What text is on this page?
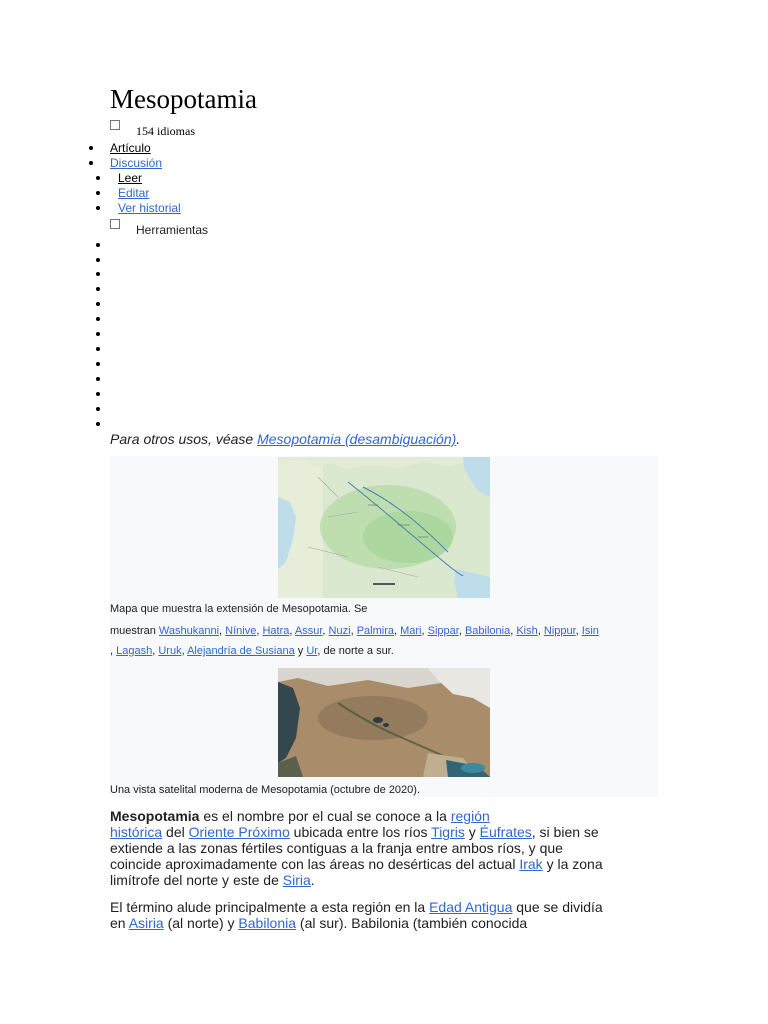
Mesopotamia
154 idiomas
Artículo
Discusión
Leer
Editar
Ver historial
Herramientas
Para otros usos, véase Mesopotamia (desambiguación).
Mapa que muestra la extensión de Mesopotamia. Se
muestran Washukanni, Nínive, Hatra, Assur, Nuzi, Palmira, Mari, Sippar, Babilonia, Kish, Nippur, Isin
, Lagash, Uruk, Alejandría de Susiana y Ur, de norte a sur.
Una vista satelital moderna de Mesopotamia (octubre de 2020).
Mesopotamia es el nombre por el cual se conoce a la región
histórica del Oriente Próximo ubicada entre los ríos Tigris y Éufrates, si bien se
extiende a las zonas fértiles contiguas a la franja entre ambos ríos, y que
coincide aproximadamente con las áreas no desérticas del actual Irak y la zona
limítrofe del norte y este de Siria.
El término alude principalmente a esta región en la Edad Antigua que se dividía
en Asiria (al norte) y Babilonia (al sur). Babilonia (también conocida
